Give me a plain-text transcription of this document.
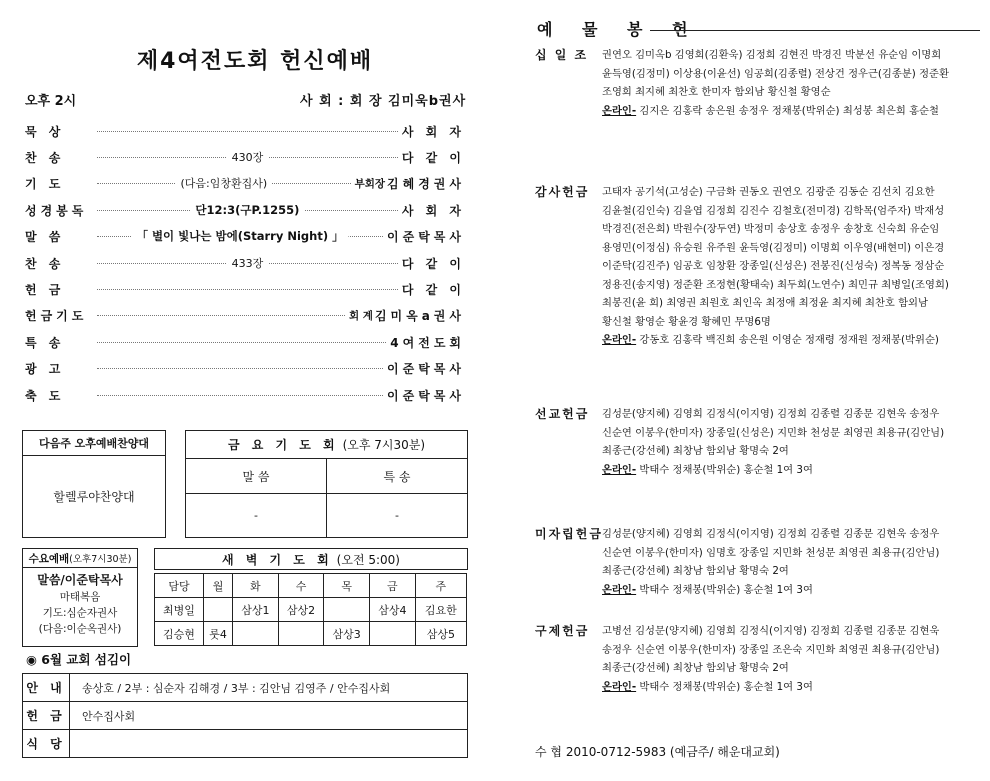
제4여전도회 헌신예배
오후 2시	사 회 : 회 장 김미욱b권사
묵 상	사 회 자
찬 송	430장	다 같 이
기 도	(다음:임창환집사)	부회장 김혜경권사
성경봉독	단12:3(구P.1255)	사 회 자
말 씀	「 별이 빛나는 밤에(Starry Night) 」	이준탁목사
찬 송	433장	다 같 이
헌 금	다 같 이
헌금기도	회 계 김미옥a권사
특 송	4여전도회
광 고	이준탁목사
축 도	이준탁목사
다음주 오후예배찬양대
할렐루야찬양대
금 요 기 도 회 (오후 7시30분)
말 씀	특 송
-	-
수요예배 (오후7시30분)
말씀/이준탁목사
마태복음
기도:심순자권사
(다음:이순옥권사)
새 벽 기 도 회 (오전 5:00)
담당	월	화	수	목	금	주
최병일		삼상1	삼상2		삼상4	김요한
김승현	룻4			삼상3		삼상5
◉ 6월 교회 섬김이
안 내	송상호 / 2부 : 심순자 김해경 / 3부 : 김안님 김영주 / 안수집사회
헌 금	안수집사회
식 당	
예 물 봉 헌
십 일 조 권연오 김미옥b 김영희(김환욱) 김정희 김현진 박경진 박분선 유순임 이명희
윤득영(김정미) 이상용(이윤선) 임공희(김종렬) 전상건 정우근(김종분) 정준환
조영희 최지혜 최찬호 한미자 함외남 황신철 황영순
온라인- 김지은 김홍락 송은원 송정우 정채봉(박위순) 최성봉 최은희 홍순철
감사헌금 고태자 공기석(고성순) 구금화 권동오 권연오 김광준 김동순 김선치 김요한
김윤철(김인숙) 김을엽 김정희 김진수 김철호(전미경) 김학목(엄주자) 박재성
박경진(전은희) 박원수(장두연) 박정미 송상호 송정우 송창호 신숙희 유순임
용영민(이정심) 유승원 유주원 윤득영(김정미) 이명희 이우영(배현미) 이은경
이준탁(김진주) 임공호 임창환 장종일(신성은) 전봉진(신성숙) 정복동 정삼순
정용진(송지영) 정준환 조정현(황태숙) 최두희(노연수) 최민규 최병일(조영희)
최봉진(윤 희) 최영권 최원호 최인옥 최정애 최정윤 최지혜 최찬호 함외남
황신철 황영순 황윤경 황혜민 무명6명
온라인- 강동호 김홍락 백진희 송은원 이영순 정재령 정재원 정채봉(박위순)
선교헌금 김성문(양지혜) 김영희 김정식(이지영) 김정희 김종렬 김종문 김현욱 송정우
신순연 이봉우(한미자) 장종일(신성은) 지민화 천성문 최영권 최용규(김안님)
최종근(강선혜) 최창남 함외남 황명숙 2여
온라인- 박태수 정채봉(박위순) 홍순철 1여 3여
미자립헌금 김성문(양지혜) 김영희 김정식(이지영) 김정희 김종렬 김종문 김현욱 송정우
신순연 이봉우(한미자) 임명호 장종일 지민화 천성문 최영권 최용규(김안님)
최종근(강선혜) 최창남 함외남 황명숙 2여
온라인- 박태수 정채봉(박위순) 홍순철 1여 3여
구제헌금 고병선 김성문(양지혜) 김영희 김정식(이지영) 김정희 김종렬 김종문 김현욱
송정우 신순연 이봉우(한미자) 장종일 조은숙 지민화 최영권 최용규(김안님)
최종근(강선혜) 최창남 함외남 황명숙 2여
온라인- 박태수 정채봉(박위순) 홍순철 1여 3여
수 협 2010-0712-5983 (예금주/ 해운대교회)
